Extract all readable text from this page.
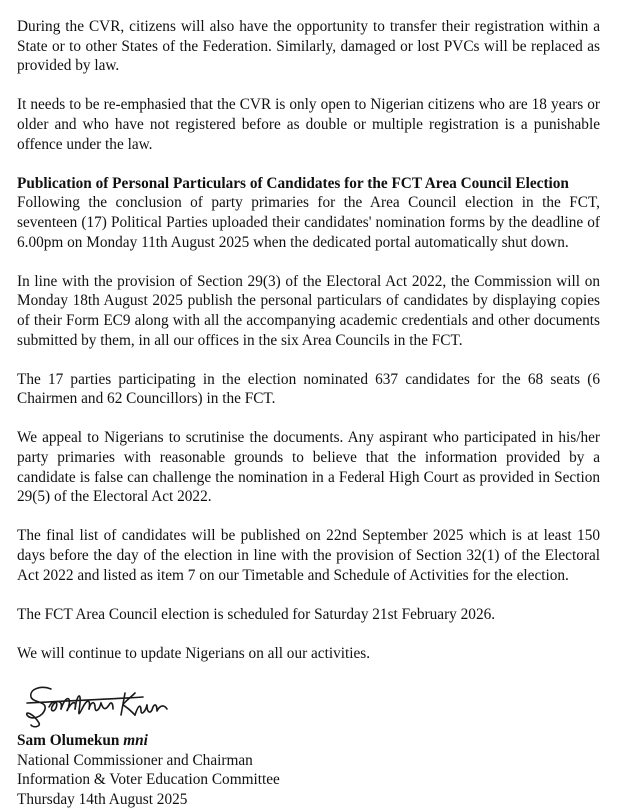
During the CVR, citizens will also have the opportunity to transfer their registration within a State or to other States of the Federation. Similarly, damaged or lost PVCs will be replaced as provided by law.

It needs to be re-emphasied that the CVR is only open to Nigerian citizens who are 18 years or older and who have not registered before as double or multiple registration is a punishable offence under the law.

Publication of Personal Particulars of Candidates for the FCT Area Council Election
Following the conclusion of party primaries for the Area Council election in the FCT, seventeen (17) Political Parties uploaded their candidates' nomination forms by the deadline of 6.00pm on Monday 11th August 2025 when the dedicated portal automatically shut down.

In line with the provision of Section 29(3) of the Electoral Act 2022, the Commission will on Monday 18th August 2025 publish the personal particulars of candidates by displaying copies of their Form EC9 along with all the accompanying academic credentials and other documents submitted by them, in all our offices in the six Area Councils in the FCT.

The 17 parties participating in the election nominated 637 candidates for the 68 seats (6 Chairmen and 62 Councillors) in the FCT.

We appeal to Nigerians to scrutinise the documents. Any aspirant who participated in his/her party primaries with reasonable grounds to believe that the information provided by a candidate is false can challenge the nomination in a Federal High Court as provided in Section 29(5) of the Electoral Act 2022.

The final list of candidates will be published on 22nd September 2025 which is at least 150 days before the day of the election in line with the provision of Section 32(1) of the Electoral Act 2022 and listed as item 7 on our Timetable and Schedule of Activities for the election.

The FCT Area Council election is scheduled for Saturday 21st February 2026.

We will continue to update Nigerians on all our activities.

Sam Olumekun mni
National Commissioner and Chairman
Information & Voter Education Committee
Thursday 14th August 2025
